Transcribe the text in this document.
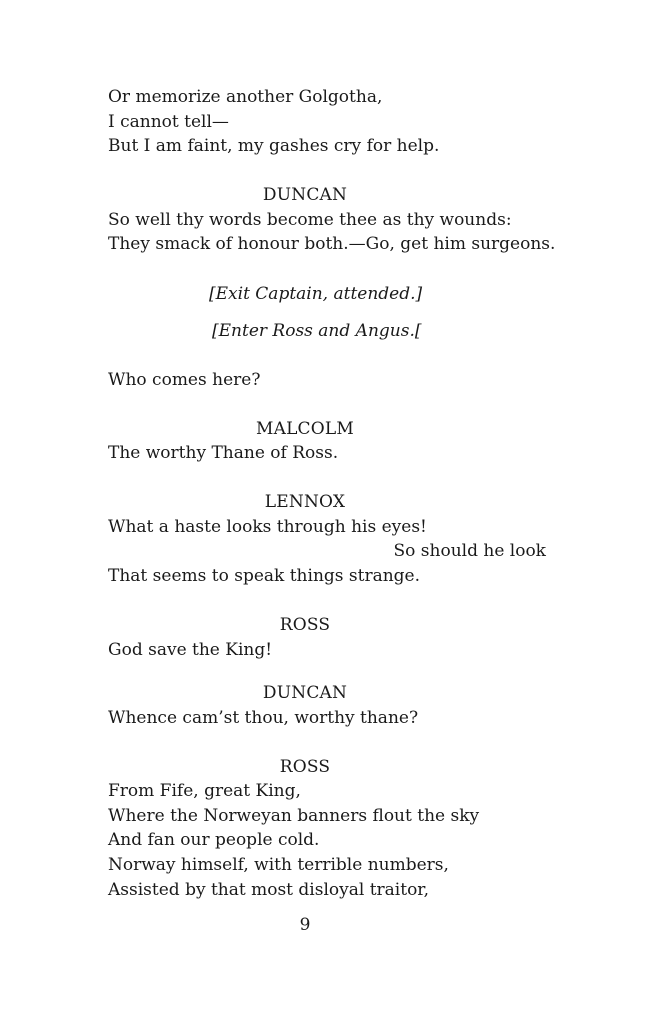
Or memorize another Golgotha,
I cannot tell—
But I am faint, my gashes cry for help.
DUNCAN
So well thy words become thee as thy wounds:
They smack of honour both.—Go, get him surgeons.
[Exit Captain, attended.]
[Enter Ross and Angus.[
Who comes here?
MALCOLM
The worthy Thane of Ross.
LENNOX
What a haste looks through his eyes!
So should he look
That seems to speak things strange.
ROSS
God save the King!
DUNCAN
Whence cam’st thou, worthy thane?
ROSS
From Fife, great King,
Where the Norweyan banners flout the sky
And fan our people cold.
Norway himself, with terrible numbers,
Assisted by that most disloyal traitor,
9
